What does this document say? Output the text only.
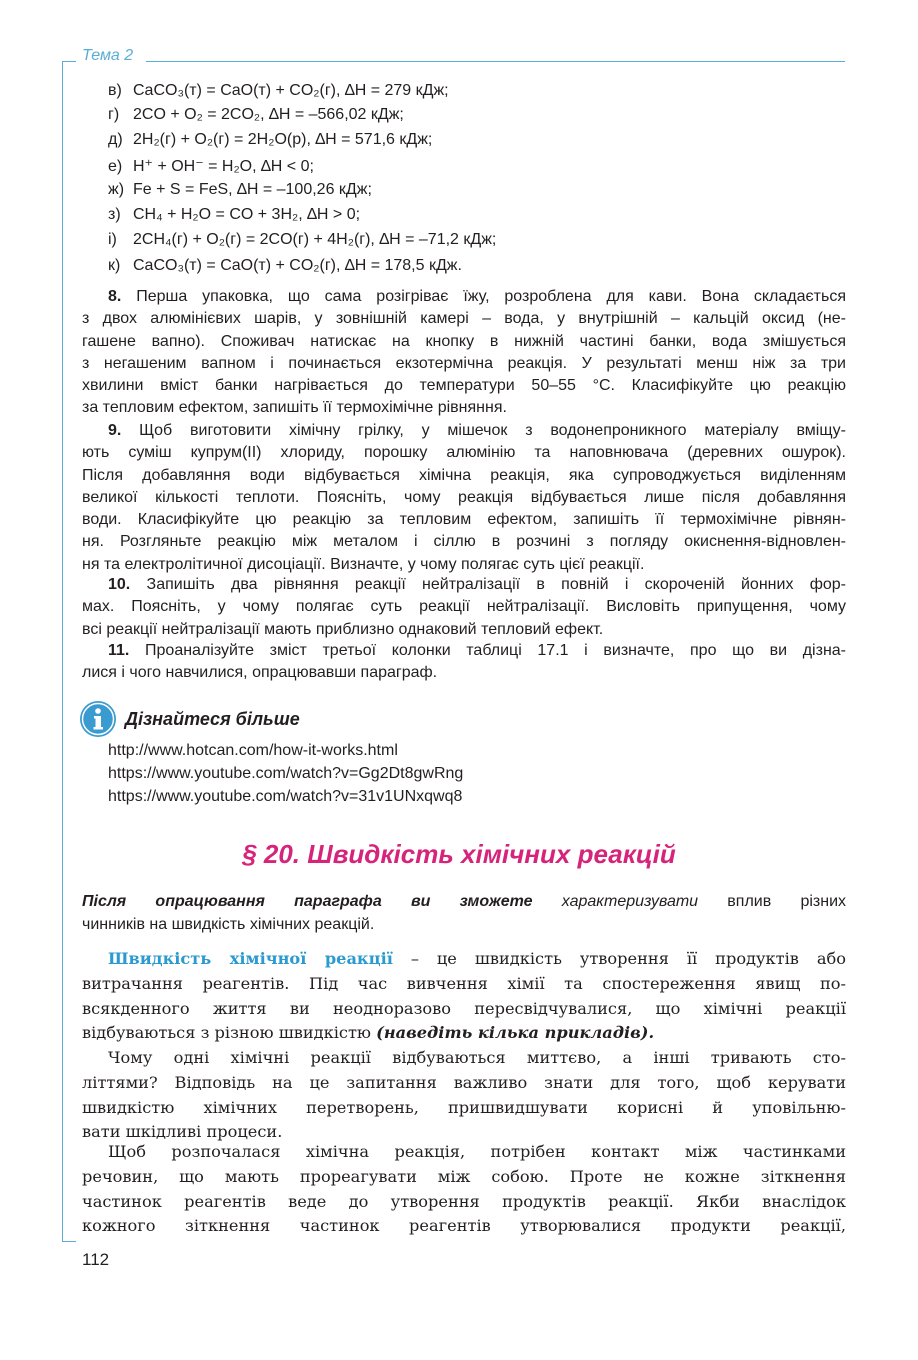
Тема 2
в) CaCO₃(т) = CaO(т) + CO₂(г), ∆H = 279 кДж;
г) 2CO + O₂ = 2CO₂, ∆H = –566,02 кДж;
д) 2H₂(г) + O₂(г) = 2H₂O(р), ∆H = 571,6 кДж;
е) H⁺ + OH⁻ = H₂O, ∆H < 0;
ж) Fe + S = FeS, ∆H = –100,26 кДж;
з) CH₄ + H₂O = CO + 3H₂, ∆H > 0;
і) 2CH₄(г) + O₂(г) = 2CO(г) + 4H₂(г), ∆H = –71,2 кДж;
к) CaCO₃(т) = CaO(т) + CO₂(г), ∆H = 178,5 кДж.
8. Перша упаковка, що сама розігріває їжу, розроблена для кави. Вона складається
з двох алюмінієвих шарів, у зовнішній камері – вода, у внутрішній – кальцій оксид (не-
гашене вапно). Споживач натискає на кнопку в нижній частині банки, вода змішується
з негашеним вапном і починається екзотермічна реакція. У результаті менш ніж за три
хвилини вміст банки нагрівається до температури 50–55 °С. Класифікуйте цю реакцію
за тепловим ефектом, запишіть її термохімічне рівняння.
9. Щоб виготовити хімічну грілку, у мішечок з водонепроникного матеріалу вміщу-
ють суміш купрум(ІІ) хлориду, порошку алюмінію та наповнювача (деревних ошурок).
Після добавляння води відбувається хімічна реакція, яка супроводжується виділенням
великої кількості теплоти. Поясніть, чому реакція відбувається лише після добавляння
води. Класифікуйте цю реакцію за тепловим ефектом, запишіть її термохімічне рівнян-
ня. Розгляньте реакцію між металом і сіллю в розчині з погляду окиснення-відновлен-
ня та електролітичної дисоціації. Визначте, у чому полягає суть цієї реакції.
10. Запишіть два рівняння реакції нейтралізації в повній і скороченій йонних фор-
мах. Поясніть, у чому полягає суть реакції нейтралізації. Висловіть припущення, чому
всі реакції нейтралізації мають приблизно однаковий тепловий ефект.
11. Проаналізуйте зміст третьої колонки таблиці 17.1 і визначте, про що ви дізна-
лися і чого навчилися, опрацювавши параграф.
Дізнайтеся більше
http://www.hotcan.com/how-it-works.html
https://www.youtube.com/watch?v=Gg2Dt8gwRng
https://www.youtube.com/watch?v=31v1UNxqwq8
§ 20. Швидкість хімічних реакцій
Після опрацювання параграфа ви зможете характеризувати вплив різних
чинників на швидкість хімічних реакцій.
Швидкість хімічної реакції – це швидкість утворення її продуктів або
витрачання реагентів. Під час вивчення хімії та спостереження явищ по-
всякденного життя ви неодноразово пересвідчувалися, що хімічні реакції
відбуваються з різною швидкістю (наведіть кілька прикладів).
Чому одні хімічні реакції відбуваються миттєво, а інші тривають сто-
літтями? Відповідь на це запитання важливо знати для того, щоб керувати
швидкістю хімічних перетворень, пришвидшувати корисні й уповільню-
вати шкідливі процеси.
Щоб розпочалася хімічна реакція, потрібен контакт між частинками
речовин, що мають прореагувати між собою. Проте не кожне зіткнення
частинок реагентів веде до утворення продуктів реакції. Якби внаслідок
кожного зіткнення частинок реагентів утворювалися продукти реакції,
112
